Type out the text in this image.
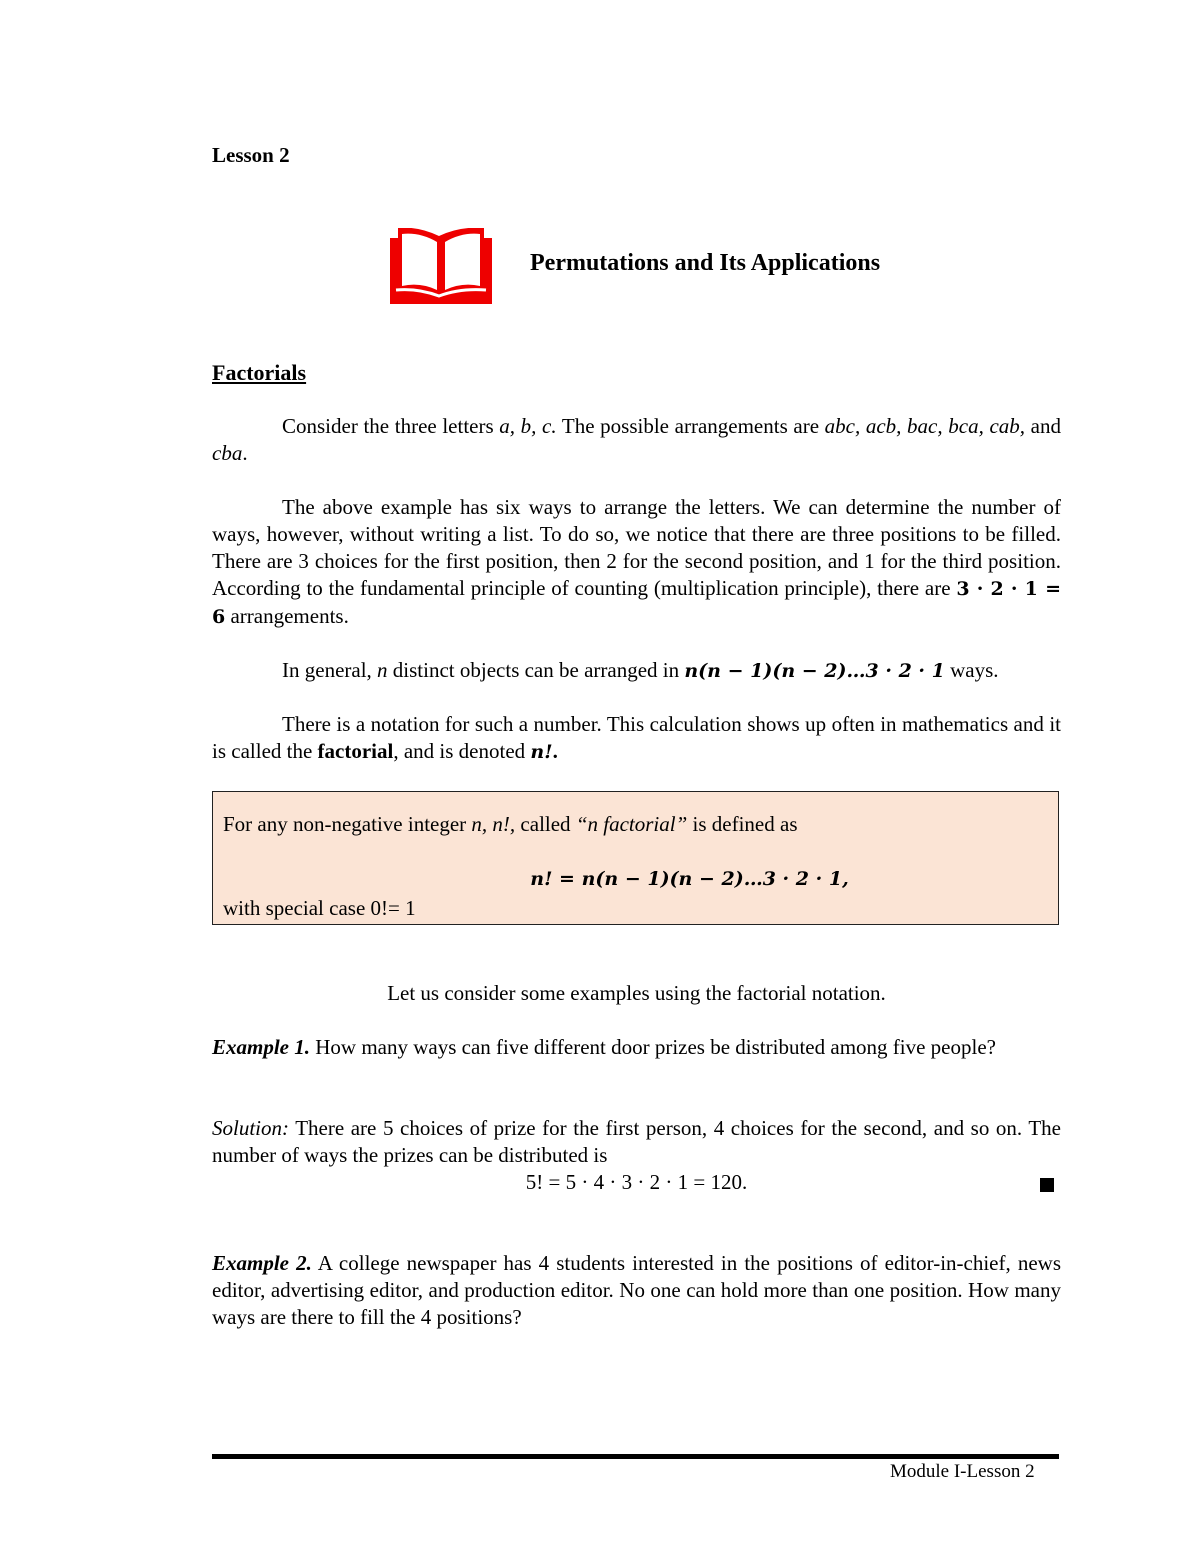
Lesson 2
Permutations and Its Applications
Factorials
Consider the three letters a, b, c. The possible arrangements are abc, acb, bac, bca, cab, and cba.
The above example has six ways to arrange the letters. We can determine the number of ways, however, without writing a list. To do so, we notice that there are three positions to be filled. There are 3 choices for the first position, then 2 for the second position, and 1 for the third position. According to the fundamental principle of counting (multiplication principle), there are 3 · 2 · 1 = 6 arrangements.
In general, n distinct objects can be arranged in n(n − 1)(n − 2)…3 · 2 · 1 ways.
There is a notation for such a number. This calculation shows up often in mathematics and it is called the factorial, and is denoted n!.
For any non-negative integer n, n!, called “n factorial” is defined as
n! = n(n − 1)(n − 2)…3 · 2 · 1,
with special case 0!= 1
Let us consider some examples using the factorial notation.
Example 1. How many ways can five different door prizes be distributed among five people?
Solution: There are 5 choices of prize for the first person, 4 choices for the second, and so on. The number of ways the prizes can be distributed is
5! = 5 · 4 · 3 · 2 · 1 = 120.
Example 2. A college newspaper has 4 students interested in the positions of editor-in-chief, news editor, advertising editor, and production editor. No one can hold more than one position. How many ways are there to fill the 4 positions?
Module I-Lesson 2
